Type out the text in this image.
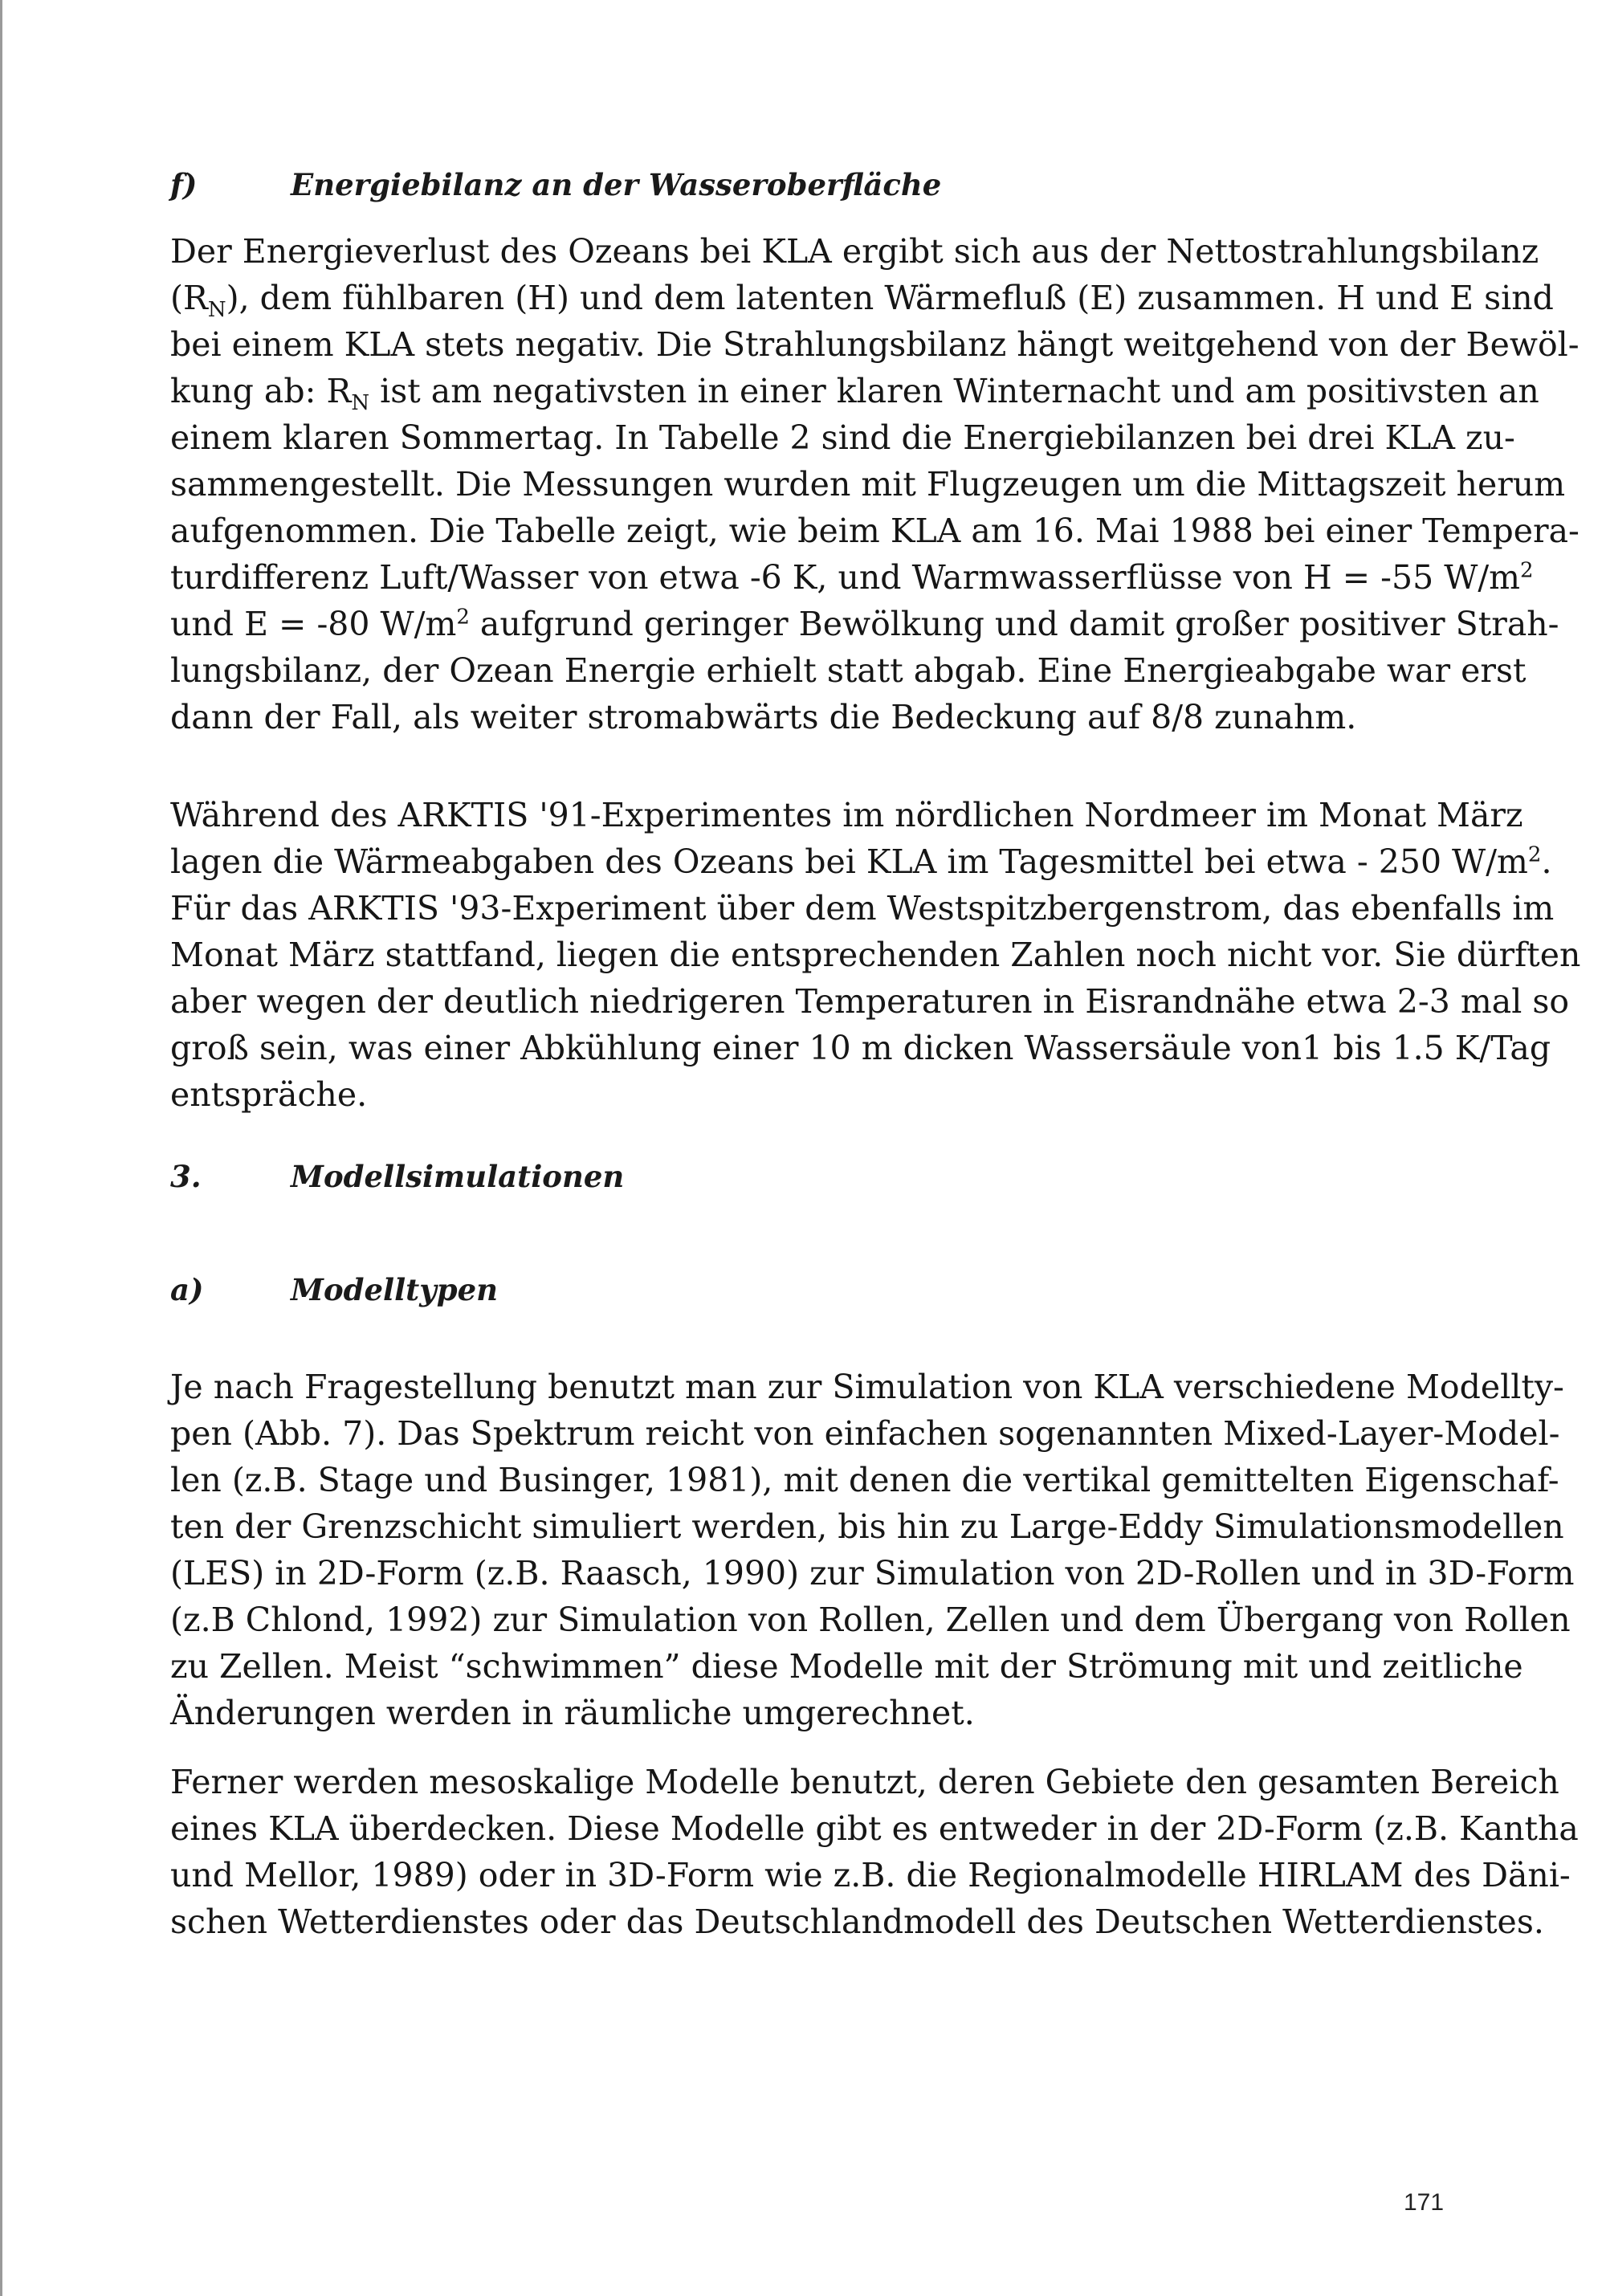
f)	Energiebilanz an der Wasseroberfläche
Der Energieverlust des Ozeans bei KLA ergibt sich aus der Nettostrahlungsbilanz
$(R_N)$, dem fühlbaren (H) und dem latenten Wärmefluß (E) zusammen. H und E sind
bei einem KLA stets negativ. Die Strahlungsbilanz hängt weitgehend von der Bewöl-
kung ab: $R_N$ ist am negativsten in einer klaren Winternacht und am positivsten an
einem klaren Sommertag. In Tabelle 2 sind die Energiebilanzen bei drei KLA zu-
sammengestellt. Die Messungen wurden mit Flugzeugen um die Mittagszeit herum
aufgenommen. Die Tabelle zeigt, wie beim KLA am 16. Mai 1988 bei einer Tempera-
turdifferenz Luft/Wasser von etwa -6 K, und Warmwasserflüsse von H = -55 $W/m^2$
und E = -80 $W/m^2$ aufgrund geringer Bewölkung und damit großer positiver Strah-
lungsbilanz, der Ozean Energie erhielt statt abgab. Eine Energieabgabe war erst
dann der Fall, als weiter stromabwärts die Bedeckung auf 8/8 zunahm.
Während des ARKTIS '91-Experimentes im nördlichen Nordmeer im Monat März
lagen die Wärmeabgaben des Ozeans bei KLA im Tagesmittel bei etwa - 250 $W/m^2$.
Für das ARKTIS '93-Experiment über dem Westspitzbergenstrom, das ebenfalls im
Monat März stattfand, liegen die entsprechenden Zahlen noch nicht vor. Sie dürften
aber wegen der deutlich niedrigeren Temperaturen in Eisrandnähe etwa 2-3 mal so
groß sein, was einer Abkühlung einer 10 m dicken Wassersäule von1 bis 1.5 K/Tag
entspräche.
3.	Modellsimulationen
a)	Modelltypen
Je nach Fragestellung benutzt man zur Simulation von KLA verschiedene Modellty-
pen (Abb. 7). Das Spektrum reicht von einfachen sogenannten Mixed-Layer-Model-
len (z.B. Stage und Businger, 1981), mit denen die vertikal gemittelten Eigenschaf-
ten der Grenzschicht simuliert werden, bis hin zu Large-Eddy Simulationsmodellen
(LES) in 2D-Form (z.B. Raasch, 1990) zur Simulation von 2D-Rollen und in 3D-Form
(z.B Chlond, 1992) zur Simulation von Rollen, Zellen und dem Übergang von Rollen
zu Zellen. Meist “schwimmen” diese Modelle mit der Strömung mit und zeitliche
Änderungen werden in räumliche umgerechnet.
Ferner werden mesoskalige Modelle benutzt, deren Gebiete den gesamten Bereich
eines KLA überdecken. Diese Modelle gibt es entweder in der 2D-Form (z.B. Kantha
und Mellor, 1989) oder in 3D-Form wie z.B. die Regionalmodelle HIRLAM des Däni-
schen Wetterdienstes oder das Deutschlandmodell des Deutschen Wetterdienstes.
171
